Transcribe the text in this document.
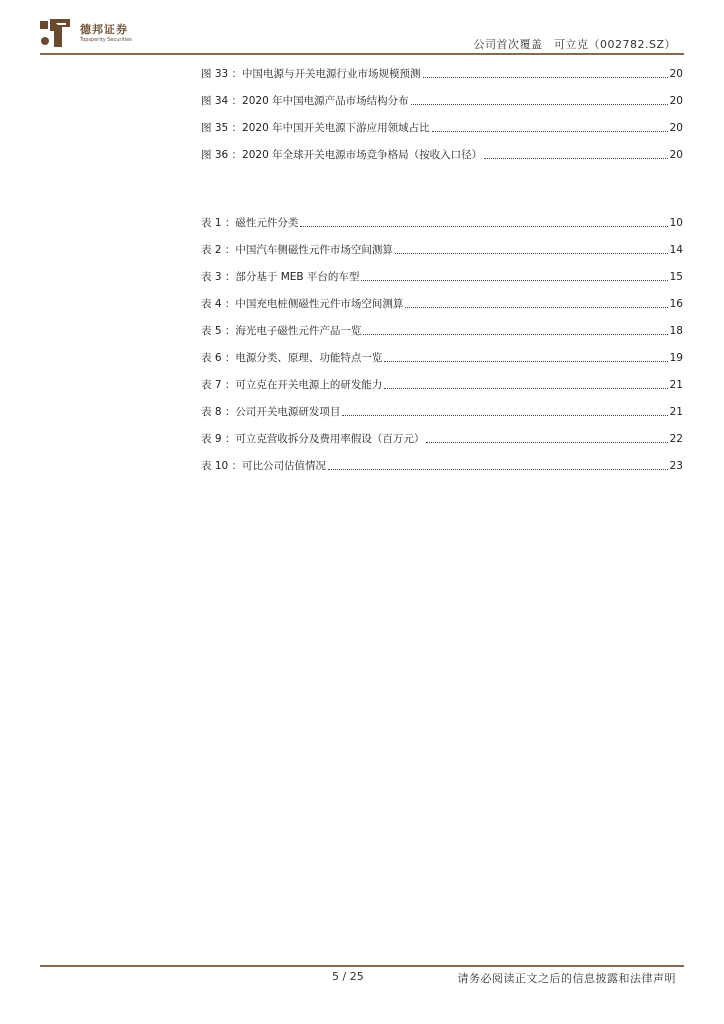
德邦证券
Topsperity Securities	公司首次覆盖　可立克（002782.SZ）
图 33 ：中国电源与开关电源行业市场规模预测	20
图 34 ：2020 年中国电源产品市场结构分布	20
图 35 ：2020 年中国开关电源下游应用领域占比	20
图 36 ：2020 年全球开关电源市场竞争格局（按收入口径）	20
表 1 ：磁性元件分类	10
表 2 ：中国汽车侧磁性元件市场空间测算	14
表 3 ：部分基于 MEB 平台的车型	15
表 4 ：中国充电桩侧磁性元件市场空间测算	16
表 5 ：海光电子磁性元件产品一览	18
表 6 ：电源分类、原理、功能特点一览	19
表 7 ：可立克在开关电源上的研发能力	21
表 8 ：公司开关电源研发项目	21
表 9 ：可立克营收拆分及费用率假设（百万元）	22
表 10 ：可比公司估值情况	23
5 / 25	请务必阅读正文之后的信息披露和法律声明
